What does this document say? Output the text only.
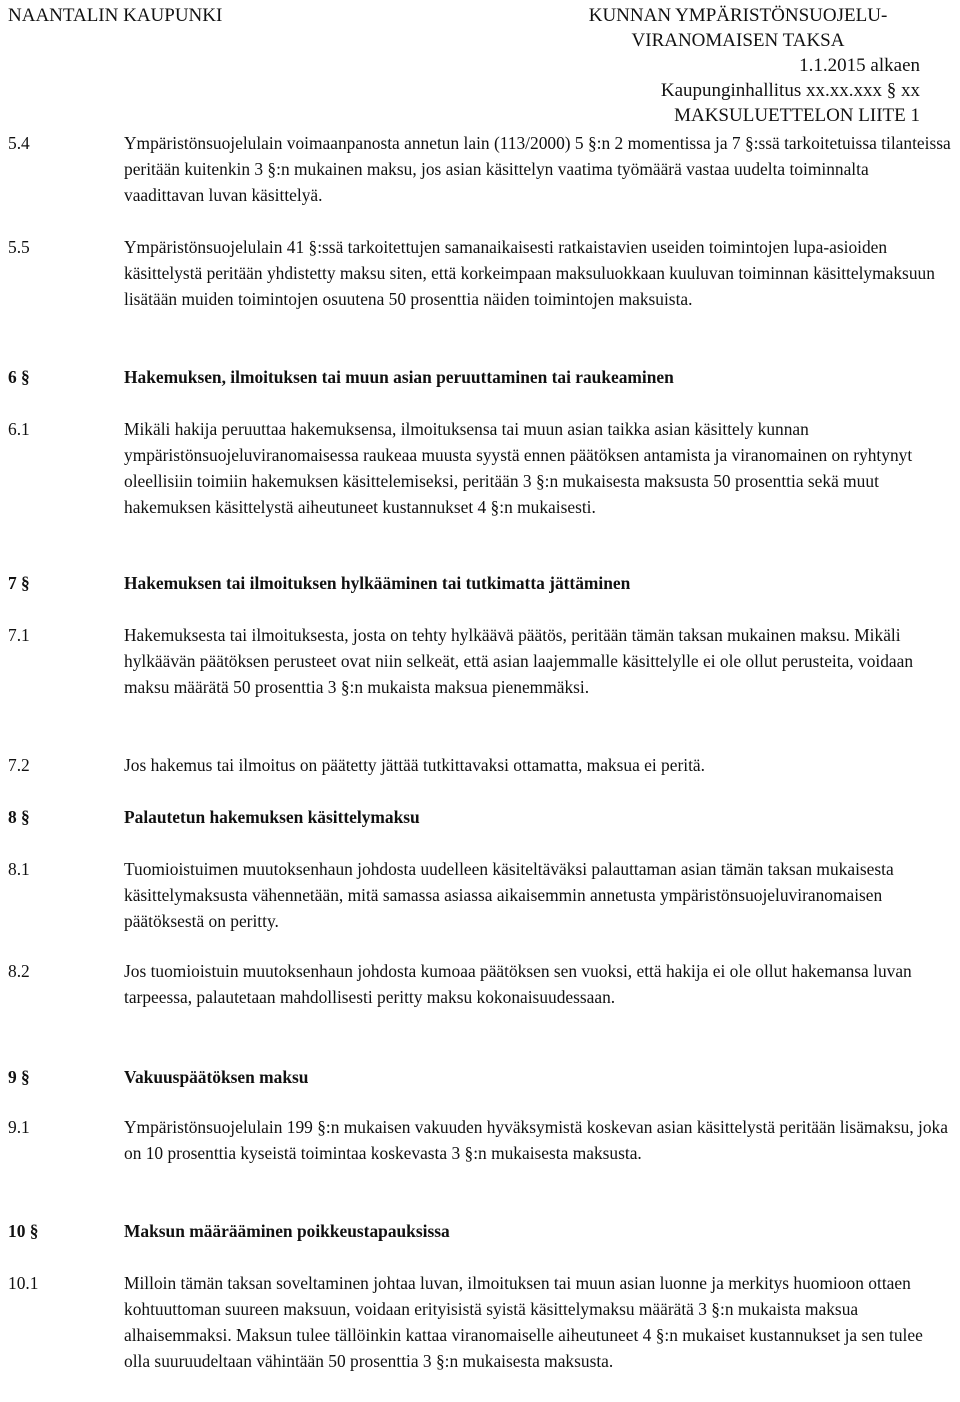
NAANTALIN KAUPUNKI	KUNNAN YMPÄRISTÖNSUOJELU-
VIRANOMAISEN TAKSA
1.1.2015 alkaen
Kaupunginhallitus xx.xx.xxx § xx
MAKSULUETTELON LIITE 1
5.4	Ympäristönsuojelulain voimaanpanosta annetun lain (113/2000) 5 §:n 2 momentissa ja 7 §:ssä tarkoitetuissa tilanteissa peritään kuitenkin 3 §:n mukainen maksu, jos asian käsittelyn vaatima työmäärä vastaa uudelta toiminnalta vaadittavan luvan käsittelyä.
5.5	Ympäristönsuojelulain 41 §:ssä tarkoitettujen samanaikaisesti ratkaistavien useiden toimintojen lupa-asioiden käsittelystä peritään yhdistetty maksu siten, että korkeimpaan maksuluokkaan kuuluvan toiminnan käsittelymaksuun lisätään muiden toimintojen osuutena 50 prosenttia näiden toimintojen maksuista.
6 §	Hakemuksen, ilmoituksen tai muun asian peruuttaminen tai raukeaminen
6.1	Mikäli hakija peruuttaa hakemuksensa, ilmoituksensa tai muun asian taikka asian käsittely kunnan ympäristönsuojeluviranomaisessa raukeaa muusta syystä ennen päätöksen antamista ja viranomainen on ryhtynyt oleellisiin toimiin hakemuksen käsittelemiseksi, peritään 3 §:n mukaisesta maksusta 50 prosenttia sekä muut hakemuksen käsittelystä aiheutuneet kustannukset 4 §:n mukaisesti.
7 §	Hakemuksen tai ilmoituksen hylkääminen tai tutkimatta jättäminen
7.1	Hakemuksesta tai ilmoituksesta, josta on tehty hylkäävä päätös, peritään tämän taksan mukainen maksu. Mikäli hylkäävän päätöksen perusteet ovat niin selkeät, että asian laajemmalle käsittelylle ei ole ollut perusteita, voidaan maksu määrätä 50 prosenttia 3 §:n mukaista maksua pienemmäksi.
7.2	Jos hakemus tai ilmoitus on päätetty jättää tutkittavaksi ottamatta, maksua ei peritä.
8 §	Palautetun hakemuksen käsittelymaksu
8.1	Tuomioistuimen muutoksenhaun johdosta uudelleen käsiteltäväksi palauttaman asian tämän taksan mukaisesta käsittelymaksusta vähennetään, mitä samassa asiassa aikaisemmin annetusta ympäristönsuojeluviranomaisen päätöksestä on peritty.
8.2	Jos tuomioistuin muutoksenhaun johdosta kumoaa päätöksen sen vuoksi, että hakija ei ole ollut hakemansa luvan tarpeessa, palautetaan mahdollisesti peritty maksu kokonaisuudessaan.
9 §	Vakuuspäätöksen maksu
9.1	Ympäristönsuojelulain 199 §:n mukaisen vakuuden hyväksymistä koskevan asian käsittelystä peritään lisämaksu, joka on 10 prosenttia kyseistä toimintaa koskevasta 3 §:n mukaisesta maksusta.
10 §	Maksun määrääminen poikkeustapauksissa
10.1	Milloin tämän taksan soveltaminen johtaa luvan, ilmoituksen tai muun asian luonne ja merkitys huomioon ottaen kohtuuttoman suureen maksuun, voidaan erityisistä syistä käsittelymaksu määrätä 3 §:n mukaista maksua alhaisemmaksi. Maksun tulee tällöinkin kattaa viranomaiselle aiheutuneet 4 §:n mukaiset kustannukset ja sen tulee olla suuruudeltaan vähintään 50 prosenttia 3 §:n mukaisesta maksusta.
